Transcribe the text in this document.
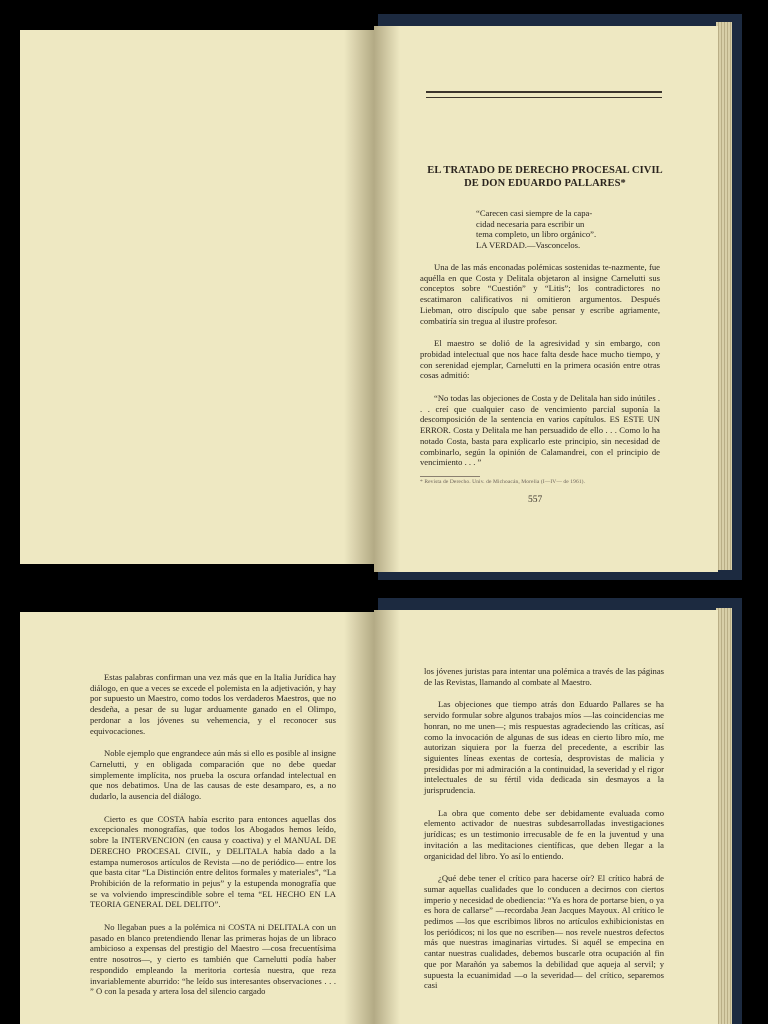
EL TRATADO DE DERECHO PROCESAL CIVIL DE DON EDUARDO PALLARES*
“Carecen casi siempre de la capa-
cidad necesaria para escribir un
tema completo, un libro orgánico”.
LA VERDAD.—Vasconcelos.

Una de las más enconadas polémicas sostenidas te-nazmente, fue aquélla en que Costa y Delitala objetaron al insigne Carnelutti sus conceptos sobre “Cuestión” y “Litis”; los contradictores no escatimaron calificativos ni omitieron argumentos. Después Liebman, otro discípulo que sabe pensar y escribe agriamente, combatiría sin tregua al ilustre profesor.

El maestro se dolió de la agresividad y sin embargo, con probidad intelectual que nos hace falta desde hace mucho tiempo, y con serenidad ejemplar, Carnelutti en la primera ocasión entre otras cosas admitió:

“No todas las objeciones de Costa y de Delitala han sido inútiles . . . creí que cualquier caso de vencimiento parcial suponía la descomposición de la sentencia en varios capítulos. ES ESTE UN ERROR. Costa y Delitala me han persuadido de ello . . . Como lo ha notado Costa, basta para explicarlo este principio, sin necesidad de combinarlo, según la opinión de Calamandrei, con el principio de vencimiento . . . ”

* Revista de Derecho. Univ. de Michoacán, Morelia (I—IV— de 1961).
557

Estas palabras confirman una vez más que en la Italia Jurídica hay diálogo, en que a veces se excede el polemista en la adjetivación, y hay por supuesto un Maestro, como todos los verdaderos Maestros, que no desdeña, a pesar de su lugar arduamente ganado en el Olimpo, perdonar a los jóvenes su vehemencia, y el reconocer sus equivocaciones.

Noble ejemplo que engrandece aún más si ello es posible al insigne Carnelutti, y en obligada comparación que no debe quedar simplemente implícita, nos prueba la oscura orfandad intelectual en que nos debatimos. Una de las causas de este desamparo, es, a no dudarlo, la ausencia del diálogo.

Cierto es que COSTA había escrito para entonces aquellas dos excepcionales monografías, que todos los Abogados hemos leído, sobre la INTERVENCION (en causa y coactiva) y el MANUAL DE DERECHO PROCESAL CIVIL, y DELITALA había dado a la estampa numerosos artículos de Revista —no de periódico— entre los que basta citar “La Distinción entre delitos formales y materiales”, “La Prohibición de la reformatio in pejus” y la estupenda monografía que se va volviendo imprescindible sobre el tema “EL HECHO EN LA TEORIA GENERAL DEL DELITO”.

No llegaban pues a la polémica ni COSTA ni DELITALA con un pasado en blanco pretendiendo llenar las primeras hojas de un libraco ambicioso a expensas del prestigio del Maestro —cosa frecuentísima entre nosotros—, y cierto es también que Carnelutti podía haber respondido empleando la meritoria cortesía nuestra, que reza invariablemente aburrido: “he leído sus interesantes observaciones . . . ” O con la pesada y artera losa del silencio cargado

los jóvenes juristas para intentar una polémica a través de las páginas de las Revistas, llamando al combate al Maestro.

Las objeciones que tiempo atrás don Eduardo Pallares se ha servido formular sobre algunos trabajos míos —las coincidencias me honran, no me unen—; mis respuestas agradeciendo las críticas, así como la invocación de algunas de sus ideas en cierto libro mío, me autorizan siquiera por la fuerza del precedente, a escribir las siguientes líneas exentas de cortesía, desprovistas de malicia y presididas por mi admiración a la continuidad, la severidad y el rigor intelectuales de su fértil vida dedicada sin desmayos a la jurisprudencia.

La obra que comento debe ser debidamente evaluada como elemento activador de nuestras subdesarrolladas investigaciones jurídicas; es un testimonio irrecusable de fe en la juventud y una invitación a las meditaciones científicas, que deben llegar a la organicidad del libro. Yo así lo entiendo.

¿Qué debe tener el crítico para hacerse oír? El crítico habrá de sumar aquellas cualidades que lo conducen a decirnos con ciertos imperio y necesidad de obediencia: “Ya es hora de portarse bien, o ya es hora de callarse” —recordaba Jean Jacques Mayoux. Al crítico le pedimos —los que escribimos libros no artículos exhibicionistas en los periódicos; ni los que no escriben— nos revele nuestros defectos más que nuestras imaginarias virtudes. Si aquél se empecina en cantar nuestras cualidades, debemos buscarle otra ocupación al fin que por Marañón ya sabemos la debilidad que aqueja al servil; y supuesta la ecuanimidad —o la severidad— del crítico, separemos casi
